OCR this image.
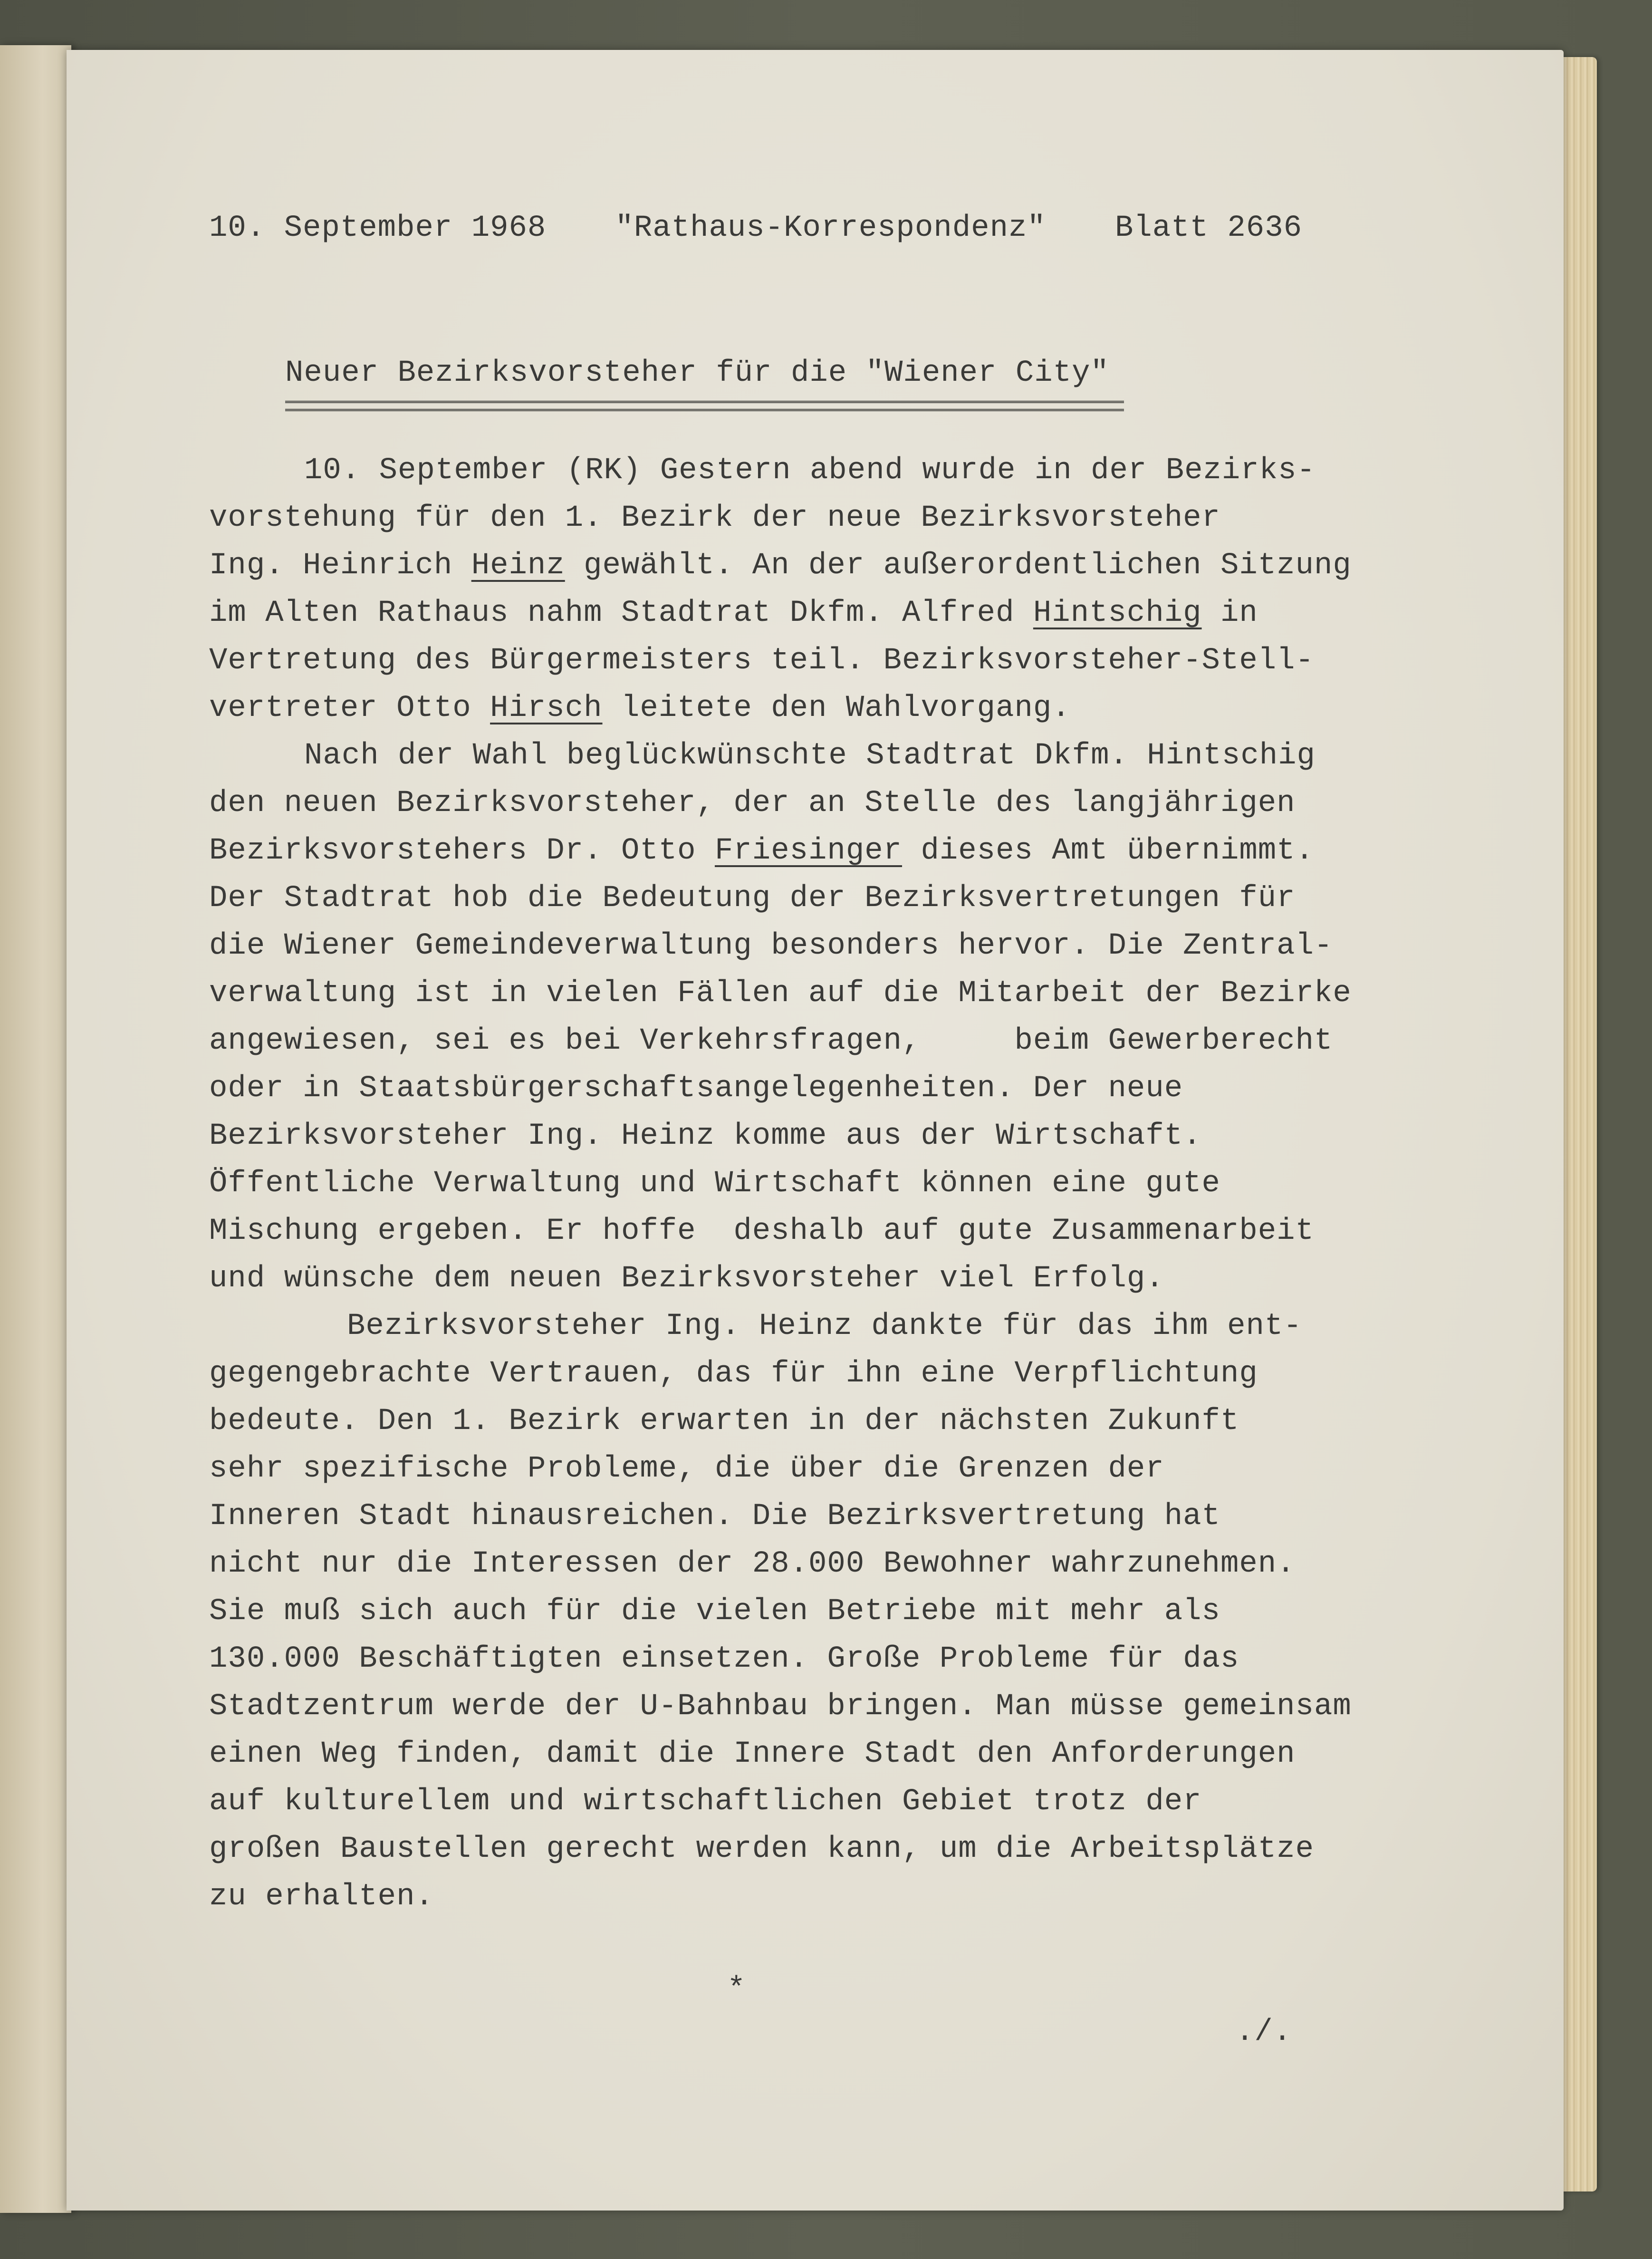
10. September 1968 "Rathaus-Korrespondenz" Blatt 2636
Neuer Bezirksvorsteher für die "Wiener City"
10. September (RK) Gestern abend wurde in der Bezirks-
vorstehung für den 1. Bezirk der neue Bezirksvorsteher
Ing. Heinrich Heinz gewählt. An der außerordentlichen Sitzung
im Alten Rathaus nahm Stadtrat Dkfm. Alfred Hintschig in
Vertretung des Bürgermeisters teil. Bezirksvorsteher-Stell-
vertreter Otto Hirsch leitete den Wahlvorgang.
Nach der Wahl beglückwünschte Stadtrat Dkfm. Hintschig
den neuen Bezirksvorsteher, der an Stelle des langjährigen
Bezirksvorstehers Dr. Otto Friesinger dieses Amt übernimmt.
Der Stadtrat hob die Bedeutung der Bezirksvertretungen für
die Wiener Gemeindeverwaltung besonders hervor. Die Zentral-
verwaltung ist in vielen Fällen auf die Mitarbeit der Bezirke
angewiesen, sei es bei Verkehrsfragen,     beim Gewerberecht
oder in Staatsbürgerschaftsangelegenheiten. Der neue
Bezirksvorsteher Ing. Heinz komme aus der Wirtschaft.
Öffentliche Verwaltung und Wirtschaft können eine gute
Mischung ergeben. Er hoffe  deshalb auf gute Zusammenarbeit
und wünsche dem neuen Bezirksvorsteher viel Erfolg.
Bezirksvorsteher Ing. Heinz dankte für das ihm ent-
gegengebrachte Vertrauen, das für ihn eine Verpflichtung
bedeute. Den 1. Bezirk erwarten in der nächsten Zukunft
sehr spezifische Probleme, die über die Grenzen der
Inneren Stadt hinausreichen. Die Bezirksvertretung hat
nicht nur die Interessen der 28.000 Bewohner wahrzunehmen.
Sie muß sich auch für die vielen Betriebe mit mehr als
130.000 Beschäftigten einsetzen. Große Probleme für das
Stadtzentrum werde der U-Bahnbau bringen. Man müsse gemeinsam
einen Weg finden, damit die Innere Stadt den Anforderungen
auf kulturellem und wirtschaftlichen Gebiet trotz der
großen Baustellen gerecht werden kann, um die Arbeitsplätze
zu erhalten.
*
./.
